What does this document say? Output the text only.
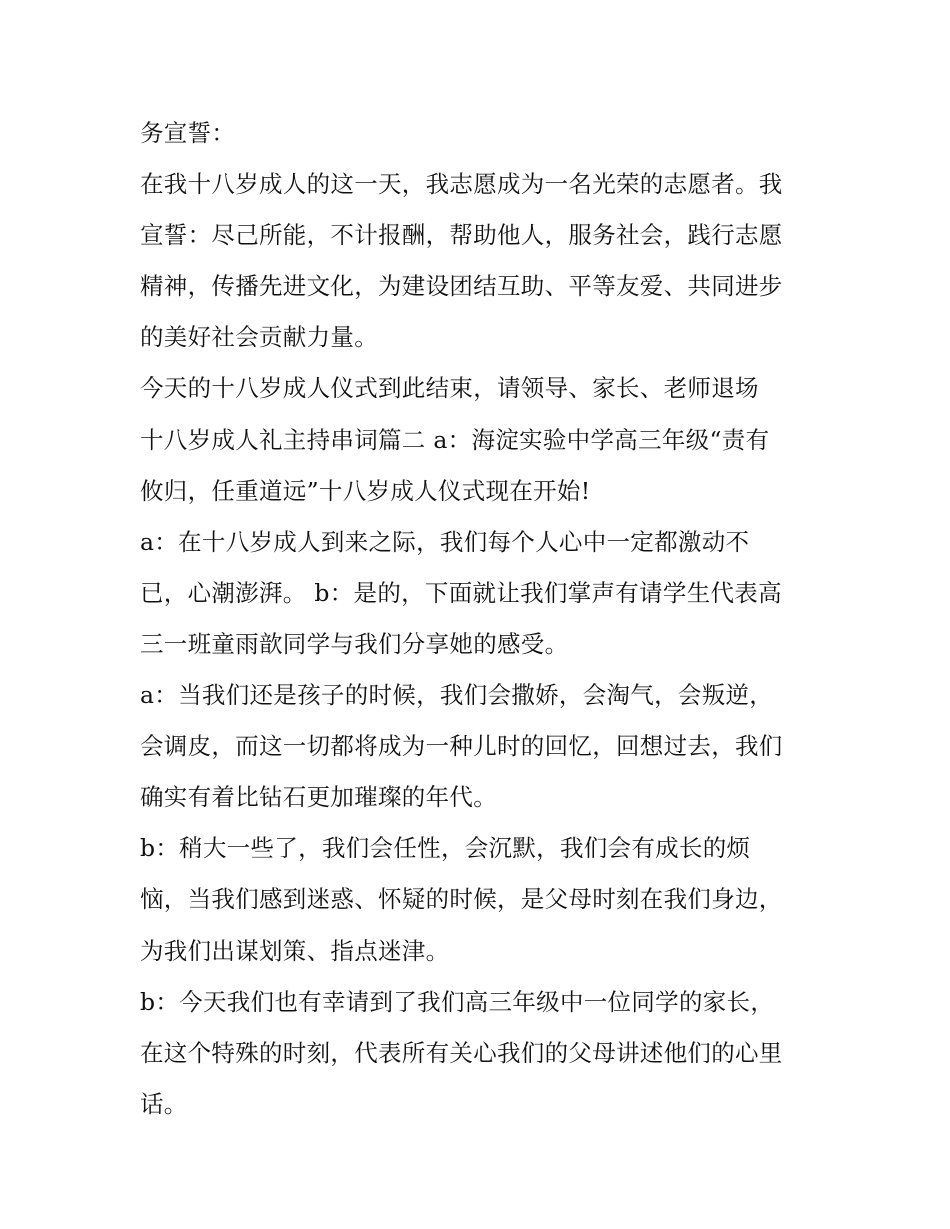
务宣誓：
在我十八岁成人的这一天，我志愿成为一名光荣的志愿者。我
宣誓：尽己所能，不计报酬，帮助他人，服务社会，践行志愿
精神，传播先进文化，为建设团结互助、平等友爱、共同进步
的美好社会贡献力量。
今天的十八岁成人仪式到此结束，请领导、家长、老师退场
十八岁成人礼主持串词篇二 a：海淀实验中学高三年级“责有
攸归，任重道远”十八岁成人仪式现在开始!
a：在十八岁成人到来之际，我们每个人心中一定都激动不
已，心潮澎湃。 b：是的，下面就让我们掌声有请学生代表高
三一班童雨歆同学与我们分享她的感受。
a：当我们还是孩子的时候，我们会撒娇，会淘气，会叛逆，
会调皮，而这一切都将成为一种儿时的回忆，回想过去，我们
确实有着比钻石更加璀璨的年代。
b：稍大一些了，我们会任性，会沉默，我们会有成长的烦
恼，当我们感到迷惑、怀疑的时候，是父母时刻在我们身边，
为我们出谋划策、指点迷津。
b：今天我们也有幸请到了我们高三年级中一位同学的家长，
在这个特殊的时刻，代表所有关心我们的父母讲述他们的心里
话。
